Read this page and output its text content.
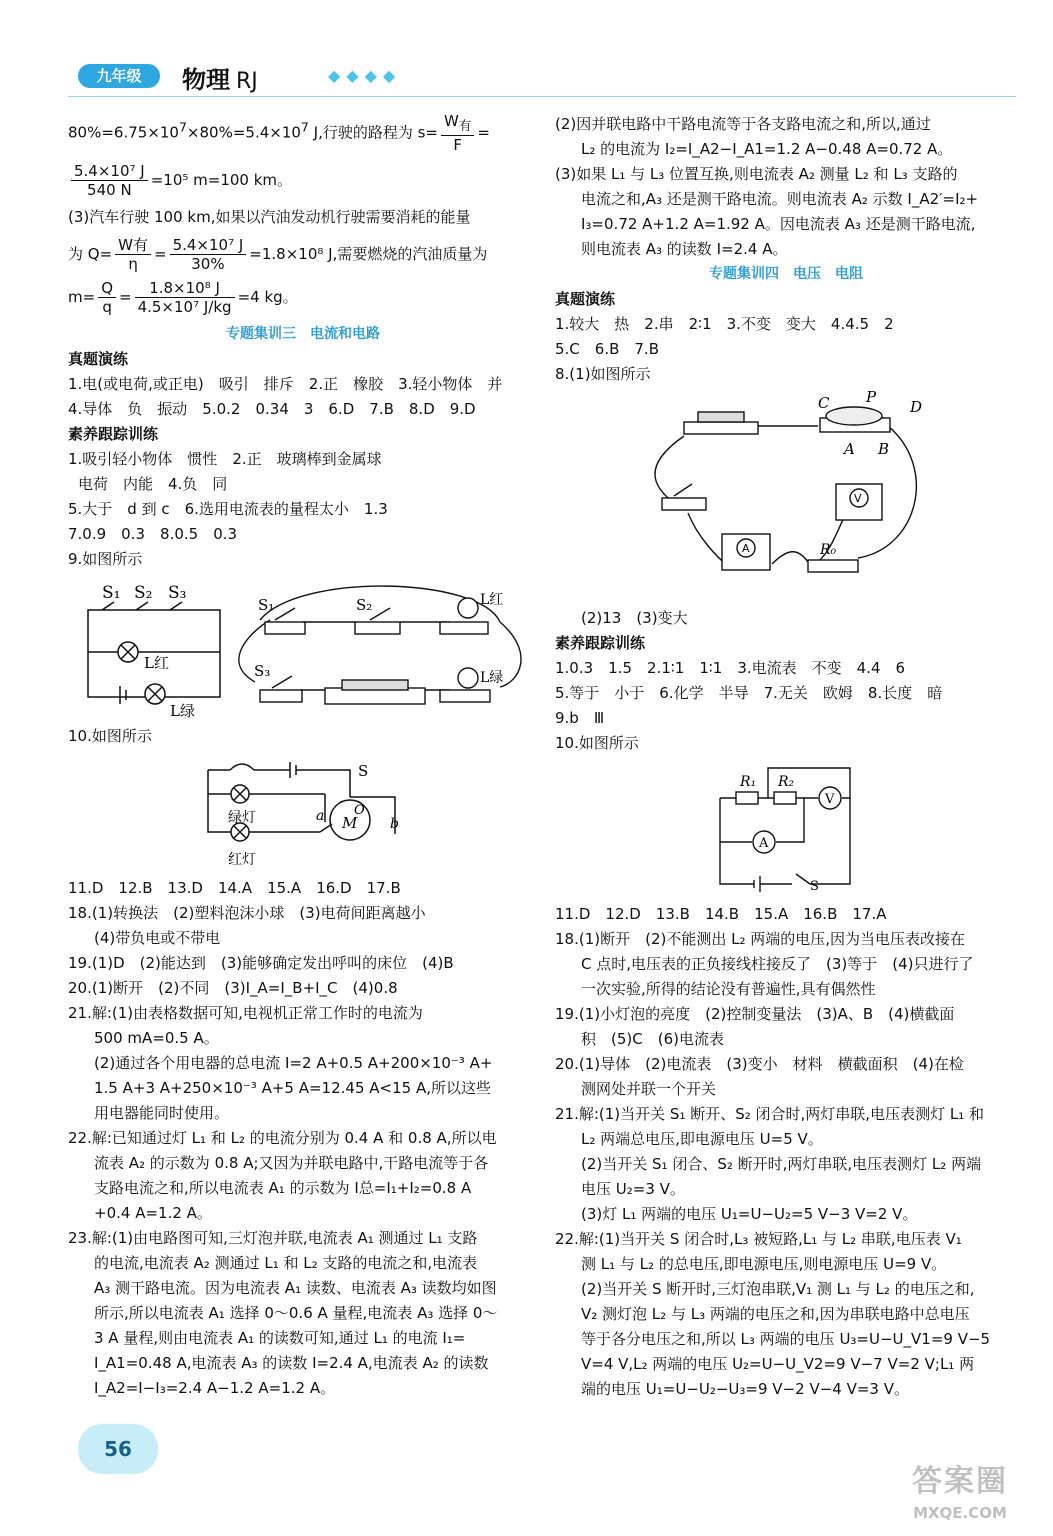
九年级	物理 RJ	◆◆◆◆
$80\%=6.75\times 10^7\times 80\%=5.4\times 10^7$ J,行驶的路程为 $s= \frac{W_有}{F}$ =
$\frac{\text{5.4×10⁷ J}}{540 N} =10^5$ m=100 km。
(3)汽车行驶 100 km,如果以汽油发动机行驶需要消耗的能量
为 $Q= \frac{\text{W有}}{\eta} = \frac{\text{5.4×10⁷ J}}{30\%} =1.8\times 10^8$ J,需要燃烧的汽油质量为
$m= \frac{Q}{q} = \frac{\text{1.8×10⁸ J}}{\text{4.5×10⁷ J/kg}} =4$ kg。
专题集训三　电流和电路
真题演练
1.电(或电荷,或正电)　吸引　排斥　2.正　橡胶　3.轻小物体　并
4.导体　负　振动　5.0.2　0.34　3　6.D　7.B　8.D　9.D
素养跟踪训练
1.吸引轻小物体　惯性　2.正　玻璃棒到金属球
电荷　内能　4.负　同
5.大于　d 到 c　6.选用电流表的量程太小　1.3
7.0.9　0.3　8.0.5　0.3
9.如图所示
S₁ S₂ S₃
L红
L绿
S₁	S₂	L红
S₃	L绿
10.如图所示
S
O
M
a	b
绿灯
红灯
11.D　12.B　13.D　14.A　15.A　16.D　17.B
18.(1)转换法　(2)塑料泡沫小球　(3)电荷间距离越小
(4)带负电或不带电
19.(1)D　(2)能达到　(3)能够确定发出呼叫的床位　(4)B
20.(1)断开　(2)不同　(3)I_A=I_B+I_C　(4)0.8
21.解:(1)由表格数据可知,电视机正常工作时的电流为
500 mA=0.5 A。
(2)通过各个用电器的总电流 I=2 A+0.5 A+200×10⁻³ A+
1.5 A+3 A+250×10⁻³ A+5 A=12.45 A<15 A,所以这些
用电器能同时使用。
22.解:已知通过灯 L₁ 和 L₂ 的电流分别为 0.4 A 和 0.8 A,所以电
流表 A₂ 的示数为 0.8 A;又因为并联电路中,干路电流等于各
支路电流之和,所以电流表 A₁ 的示数为 I总=I₁+I₂=0.8 A
+0.4 A=1.2 A。
23.解:(1)由电路图可知,三灯泡并联,电流表 A₁ 测通过 L₁ 支路
的电流,电流表 A₂ 测通过 L₁ 和 L₂ 支路的电流之和,电流表
A₃ 测干路电流。因为电流表 A₁ 读数、电流表 A₃ 读数均如图
所示,所以电流表 A₁ 选择 0～0.6 A 量程,电流表 A₃ 选择 0～
3 A 量程,则由电流表 A₁ 的读数可知,通过 L₁ 的电流 I₁=
I_A1=0.48 A,电流表 A₃ 的读数 I=2.4 A,电流表 A₂ 的读数
I_A2=I−I₃=2.4 A−1.2 A=1.2 A。
(2)因并联电路中干路电流等于各支路电流之和,所以,通过
L₂ 的电流为 I₂=I_A2−I_A1=1.2 A−0.48 A=0.72 A。
(3)如果 L₁ 与 L₃ 位置互换,则电流表 A₂ 测量 L₂ 和 L₃ 支路的
电流之和,A₃ 还是测干路电流。则电流表 A₂ 示数 I_A2′=I₂+
I₃=0.72 A+1.2 A=1.92 A。因电流表 A₃ 还是测干路电流,
则电流表 A₃ 的读数 I=2.4 A。
专题集训四　电压　电阻
真题演练
1.较大　热　2.串　2∶1　3.不变　变大　4.4.5　2
5.C　6.B　7.B
8.(1)如图所示
C P
D
A B
V
A	R₀
(2)13　(3)变大
素养跟踪训练
1.0.3　1.5　2.1∶1　1∶1　3.电流表　不变　4.4　6
5.等于　小于　6.化学　半导　7.无关　欧姆　8.长度　暗
9.b　Ⅲ
10.如图所示
R₁ R₂
V
A
S
11.D　12.D　13.B　14.B　15.A　16.B　17.A
18.(1)断开　(2)不能测出 L₂ 两端的电压,因为当电压表改接在
C 点时,电压表的正负接线柱接反了　(3)等于　(4)只进行了
一次实验,所得的结论没有普遍性,具有偶然性
19.(1)小灯泡的亮度　(2)控制变量法　(3)A、B　(4)横截面
积　(5)C　(6)电流表
20.(1)导体　(2)电流表　(3)变小　材料　横截面积　(4)在检
测网处并联一个开关
21.解:(1)当开关 S₁ 断开、S₂ 闭合时,两灯串联,电压表测灯 L₁ 和
L₂ 两端总电压,即电源电压 U=5 V。
(2)当开关 S₁ 闭合、S₂ 断开时,两灯串联,电压表测灯 L₂ 两端
电压 U₂=3 V。
(3)灯 L₁ 两端的电压 U₁=U−U₂=5 V−3 V=2 V。
22.解:(1)当开关 S 闭合时,L₃ 被短路,L₁ 与 L₂ 串联,电压表 V₁
测 L₁ 与 L₂ 的总电压,即电源电压,则电源电压 U=9 V。
(2)当开关 S 断开时,三灯泡串联,V₁ 测 L₁ 与 L₂ 的电压之和,
V₂ 测灯泡 L₂ 与 L₃ 两端的电压之和,因为串联电路中总电压
等于各分电压之和,所以 L₃ 两端的电压 U₃=U−U_V1=9 V−5
V=4 V,L₂ 两端的电压 U₂=U−U_V2=9 V−7 V=2 V;L₁ 两
端的电压 U₁=U−U₂−U₃=9 V−2 V−4 V=3 V。
56
答案圈
MXQE.COM
